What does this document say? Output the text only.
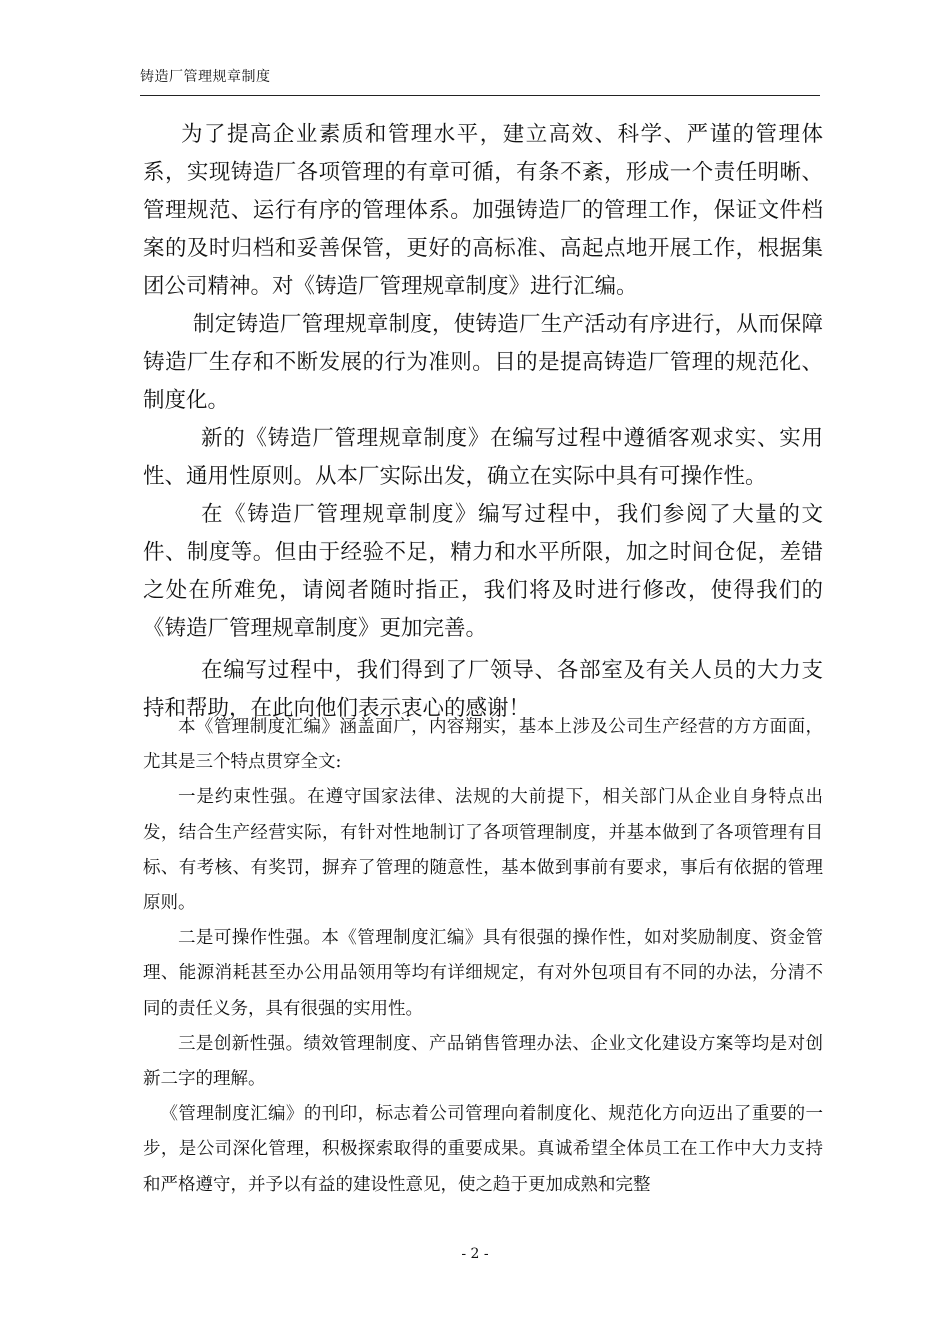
铸造厂管理规章制度

为了提高企业素质和管理水平，建立高效、科学、严谨的管理体系，实现铸造厂各项管理的有章可循，有条不紊，形成一个责任明晰、管理规范、运行有序的管理体系。加强铸造厂的管理工作，保证文件档案的及时归档和妥善保管，更好的高标准、高起点地开展工作，根据集团公司精神。对《铸造厂管理规章制度》进行汇编。

制定铸造厂管理规章制度，使铸造厂生产活动有序进行，从而保障铸造厂生存和不断发展的行为准则。目的是提高铸造厂管理的规范化、制度化。

新的《铸造厂管理规章制度》在编写过程中遵循客观求实、实用性、通用性原则。从本厂实际出发，确立在实际中具有可操作性。

在《铸造厂管理规章制度》编写过程中，我们参阅了大量的文件、制度等。但由于经验不足，精力和水平所限，加之时间仓促，差错之处在所难免，请阅者随时指正，我们将及时进行修改，使得我们的《铸造厂管理规章制度》更加完善。

在编写过程中，我们得到了厂领导、各部室及有关人员的大力支持和帮助，在此向他们表示衷心的感谢！

本《管理制度汇编》涵盖面广，内容翔实，基本上涉及公司生产经营的方方面面，尤其是三个特点贯穿全文:

一是约束性强。在遵守国家法律、法规的大前提下，相关部门从企业自身特点出发，结合生产经营实际，有针对性地制订了各项管理制度，并基本做到了各项管理有目标、有考核、有奖罚，摒弃了管理的随意性，基本做到事前有要求，事后有依据的管理原则。

二是可操作性强。本《管理制度汇编》具有很强的操作性，如对奖励制度、资金管理、能源消耗甚至办公用品领用等均有详细规定，有对外包项目有不同的办法，分清不同的责任义务，具有很强的实用性。

三是创新性强。绩效管理制度、产品销售管理办法、企业文化建设方案等均是对创新二字的理解。

《管理制度汇编》的刊印，标志着公司管理向着制度化、规范化方向迈出了重要的一步，是公司深化管理，积极探索取得的重要成果。真诚希望全体员工在工作中大力支持和严格遵守，并予以有益的建设性意见，使之趋于更加成熟和完整

- 2 -
